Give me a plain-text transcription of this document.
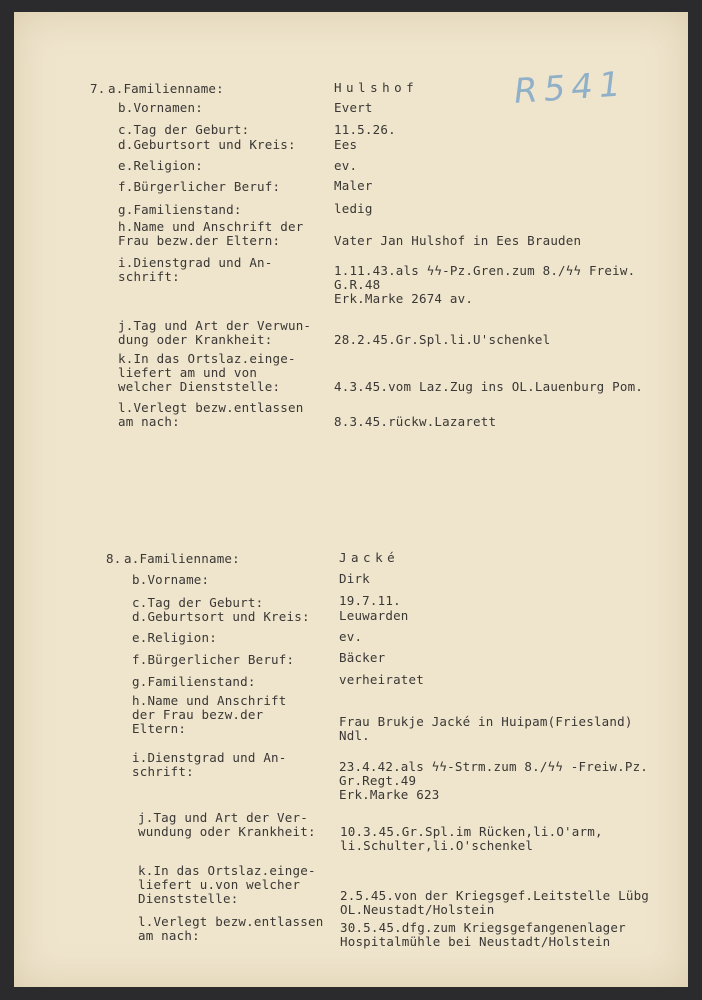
R541
7. a.Familienname:	Hulshof
b.Vornamen:	Evert
c.Tag der Geburt:	11.5.26.
d.Geburtsort und Kreis:	Ees
e.Religion:	ev.
f.Bürgerlicher Beruf:	Maler
g.Familienstand:	ledig
h.Name und Anschrift der
Frau bezw.der Eltern:	Vater Jan Hulshof in Ees Brauden
i.Dienstgrad und An-
schrift:	1.11.43.als ϟϟ-Pz.Gren.zum 8./ϟϟ Freiw.
G.R.48
Erk.Marke 2674 av.
j.Tag und Art der Verwun-
dung oder Krankheit:	28.2.45.Gr.Spl.li.U'schenkel
k.In das Ortslaz.einge-
liefert am und von
welcher Dienststelle:	4.3.45.vom Laz.Zug ins OL.Lauenburg Pom.
l.Verlegt bezw.entlassen
am nach:	8.3.45.rückw.Lazarett
8. a.Familienname:	Jacké
b.Vorname:	Dirk
c.Tag der Geburt:	19.7.11.
d.Geburtsort und Kreis: Leuwarden
e.Religion:	ev.
f.Bürgerlicher Beruf:	Bäcker
g.Familienstand:	verheiratet
h.Name und Anschrift
der Frau bezw.der
Eltern:	Frau Brukje Jacké in Huipam(Friesland)
Ndl.
i.Dienstgrad und An-
schrift:	23.4.42.als ϟϟ-Strm.zum 8./ϟϟ -Freiw.Pz.
Gr.Regt.49
Erk.Marke 623
j.Tag und Art der Ver-
wundung oder Krankheit: 10.3.45.Gr.Spl.im Rücken,li.O'arm,
li.Schulter,li.O'schenkel
k.In das Ortslaz.einge-
liefert u.von welcher
Dienststelle:	2.5.45.von der Kriegsgef.Leitstelle Lübg
OL.Neustadt/Holstein
l.Verlegt bezw.entlassen
am nach:
30.5.45.dfg.zum Kriegsgefangenenlager
Hospitalmühle bei Neustadt/Holstein
